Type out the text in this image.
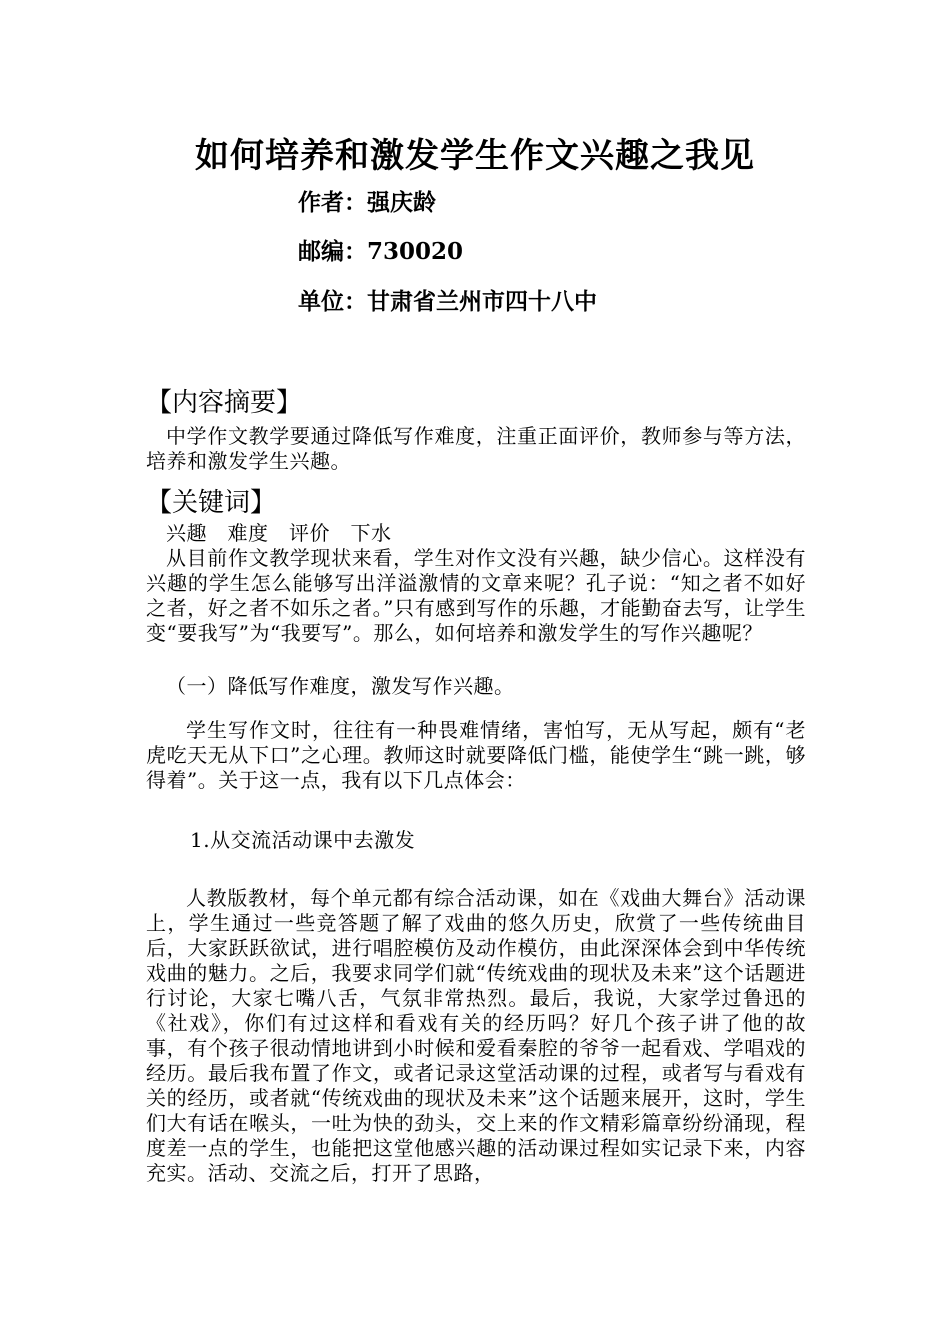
如何培养和激发学生作文兴趣之我见
作者：强庆龄
邮编：730020
单位：甘肃省兰州市四十八中
【内容摘要】
中学作文教学要通过降低写作难度，注重正面评价，教师参与等方法，培养和激发学生兴趣。
【关键词】
兴趣　难度　评价　下水
从目前作文教学现状来看，学生对作文没有兴趣，缺少信心。这样没有兴趣的学生怎么能够写出洋溢激情的文章来呢？孔子说：“知之者不如好之者，好之者不如乐之者。”只有感到写作的乐趣，才能勤奋去写，让学生变“要我写”为“我要写”。那么，如何培养和激发学生的写作兴趣呢？
（一）降低写作难度，激发写作兴趣。
学生写作文时，往往有一种畏难情绪，害怕写，无从写起，颇有“老虎吃天无从下口”之心理。教师这时就要降低门槛，能使学生“跳一跳，够得着”。关于这一点，我有以下几点体会：
1.从交流活动课中去激发
人教版教材，每个单元都有综合活动课，如在《戏曲大舞台》活动课上，学生通过一些竞答题了解了戏曲的悠久历史，欣赏了一些传统曲目后，大家跃跃欲试，进行唱腔模仿及动作模仿，由此深深体会到中华传统戏曲的魅力。之后，我要求同学们就“传统戏曲的现状及未来”这个话题进行讨论，大家七嘴八舌，气氛非常热烈。最后，我说，大家学过鲁迅的《社戏》，你们有过这样和看戏有关的经历吗？好几个孩子讲了他的故事，有个孩子很动情地讲到小时候和爱看秦腔的爷爷一起看戏、学唱戏的经历。最后我布置了作文，或者记录这堂活动课的过程，或者写与看戏有关的经历，或者就“传统戏曲的现状及未来”这个话题来展开，这时，学生们大有话在喉头，一吐为快的劲头，交上来的作文精彩篇章纷纷涌现，程度差一点的学生，也能把这堂他感兴趣的活动课过程如实记录下来，内容充实。活动、交流之后，打开了思路，
